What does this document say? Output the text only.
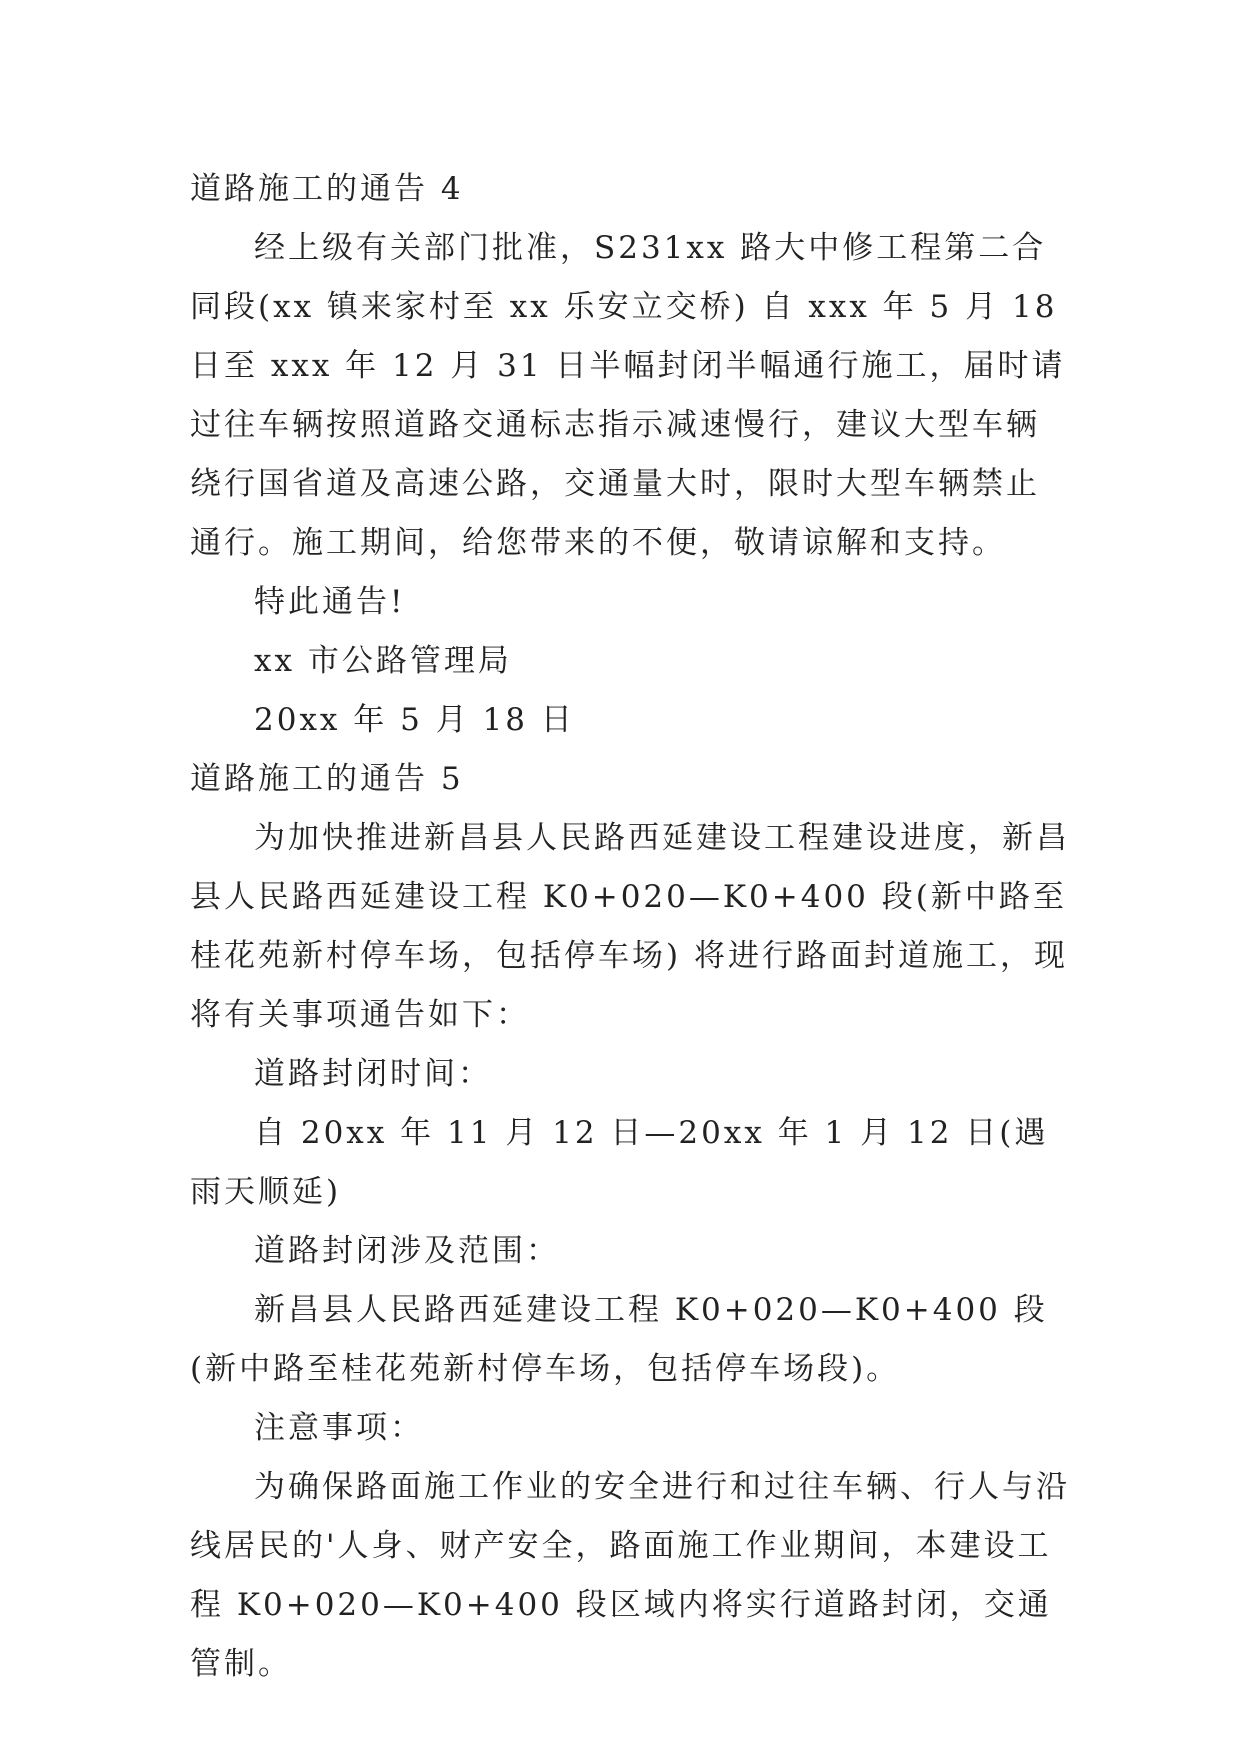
道路施工的通告 4

经上级有关部门批准，S231xx 路大中修工程第二合同段(xx 镇来家村至 xx 乐安立交桥) 自 xxx 年 5 月 18 日至 xxx 年 12 月 31 日半幅封闭半幅通行施工，届时请过往车辆按照道路交通标志指示减速慢行，建议大型车辆绕行国省道及高速公路，交通量大时，限时大型车辆禁止通行。施工期间，给您带来的不便，敬请谅解和支持。

特此通告!

xx 市公路管理局

20xx 年 5 月 18 日

道路施工的通告 5

为加快推进新昌县人民路西延建设工程建设进度，新昌县人民路西延建设工程 K0+020—K0+400 段(新中路至桂花苑新村停车场，包括停车场) 将进行路面封道施工，现将有关事项通告如下：

道路封闭时间：

自 20xx 年 11 月 12 日—20xx 年 1 月 12 日(遇雨天顺延)

道路封闭涉及范围：

新昌县人民路西延建设工程 K0+020—K0+400 段(新中路至桂花苑新村停车场，包括停车场段)。

注意事项：

为确保路面施工作业的安全进行和过往车辆、行人与沿线居民的'人身、财产安全，路面施工作业期间，本建设工程 K0+020—K0+400 段区域内将实行道路封闭，交通管制。
